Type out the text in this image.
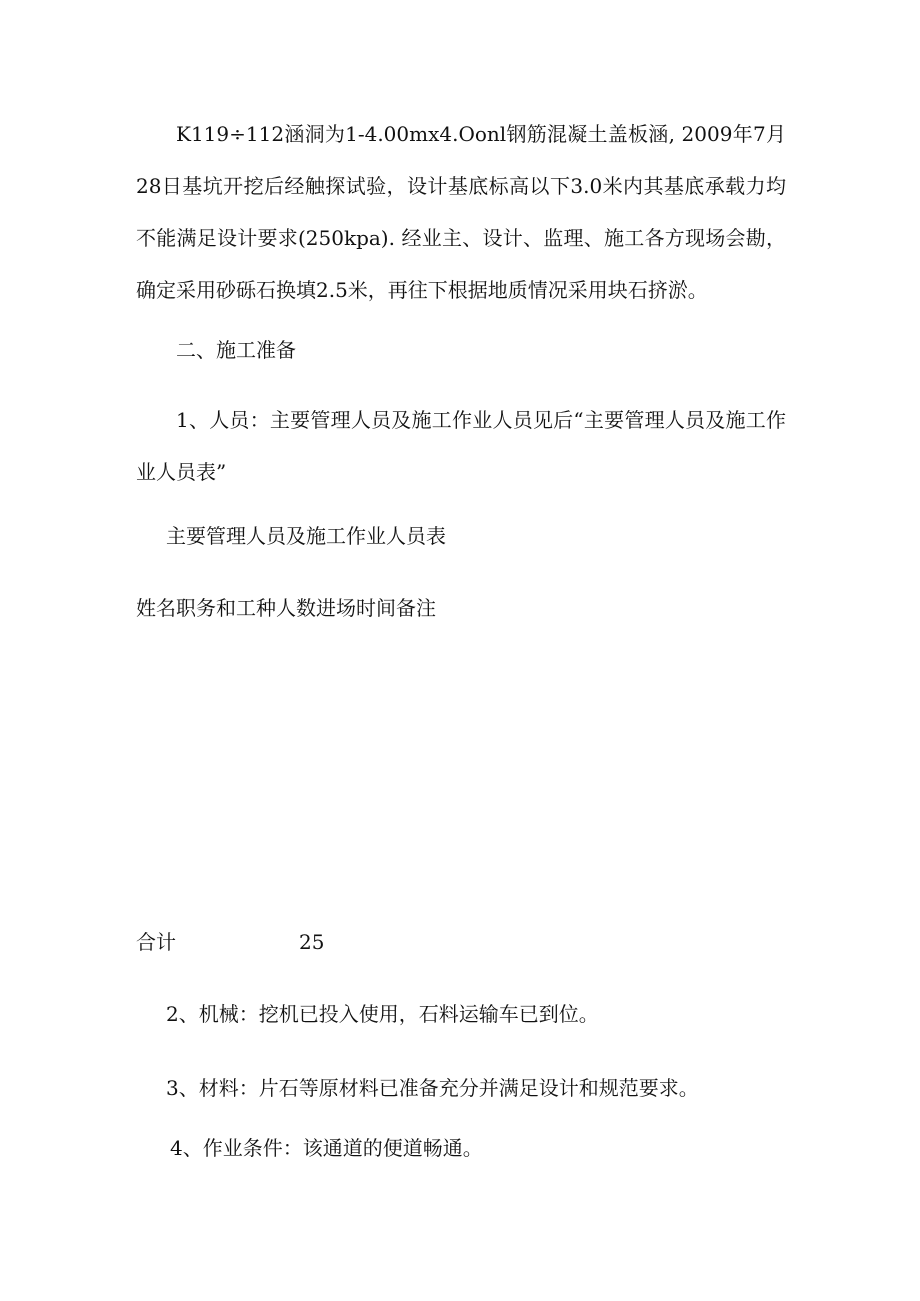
K119÷112涵洞为1-4.00mx4.Oonl钢筋混凝土盖板涵, 2009年7月28日基坑开挖后经触探试验，设计基底标高以下3.0米内其基底承载力均不能满足设计要求(250kpa). 经业主、设计、监理、施工各方现场会勘，确定采用砂砾石换填2.5米，再往下根据地质情况采用块石挤淤。

二、施工准备

1、人员：主要管理人员及施工作业人员见后“主要管理人员及施工作业人员表”

主要管理人员及施工作业人员表

姓名职务和工种人数进场时间备注

合计	25

2、机械：挖机已投入使用，石料运输车已到位。

3、材料：片石等原材料已准备充分并满足设计和规范要求。

4、作业条件：该通道的便道畅通。
